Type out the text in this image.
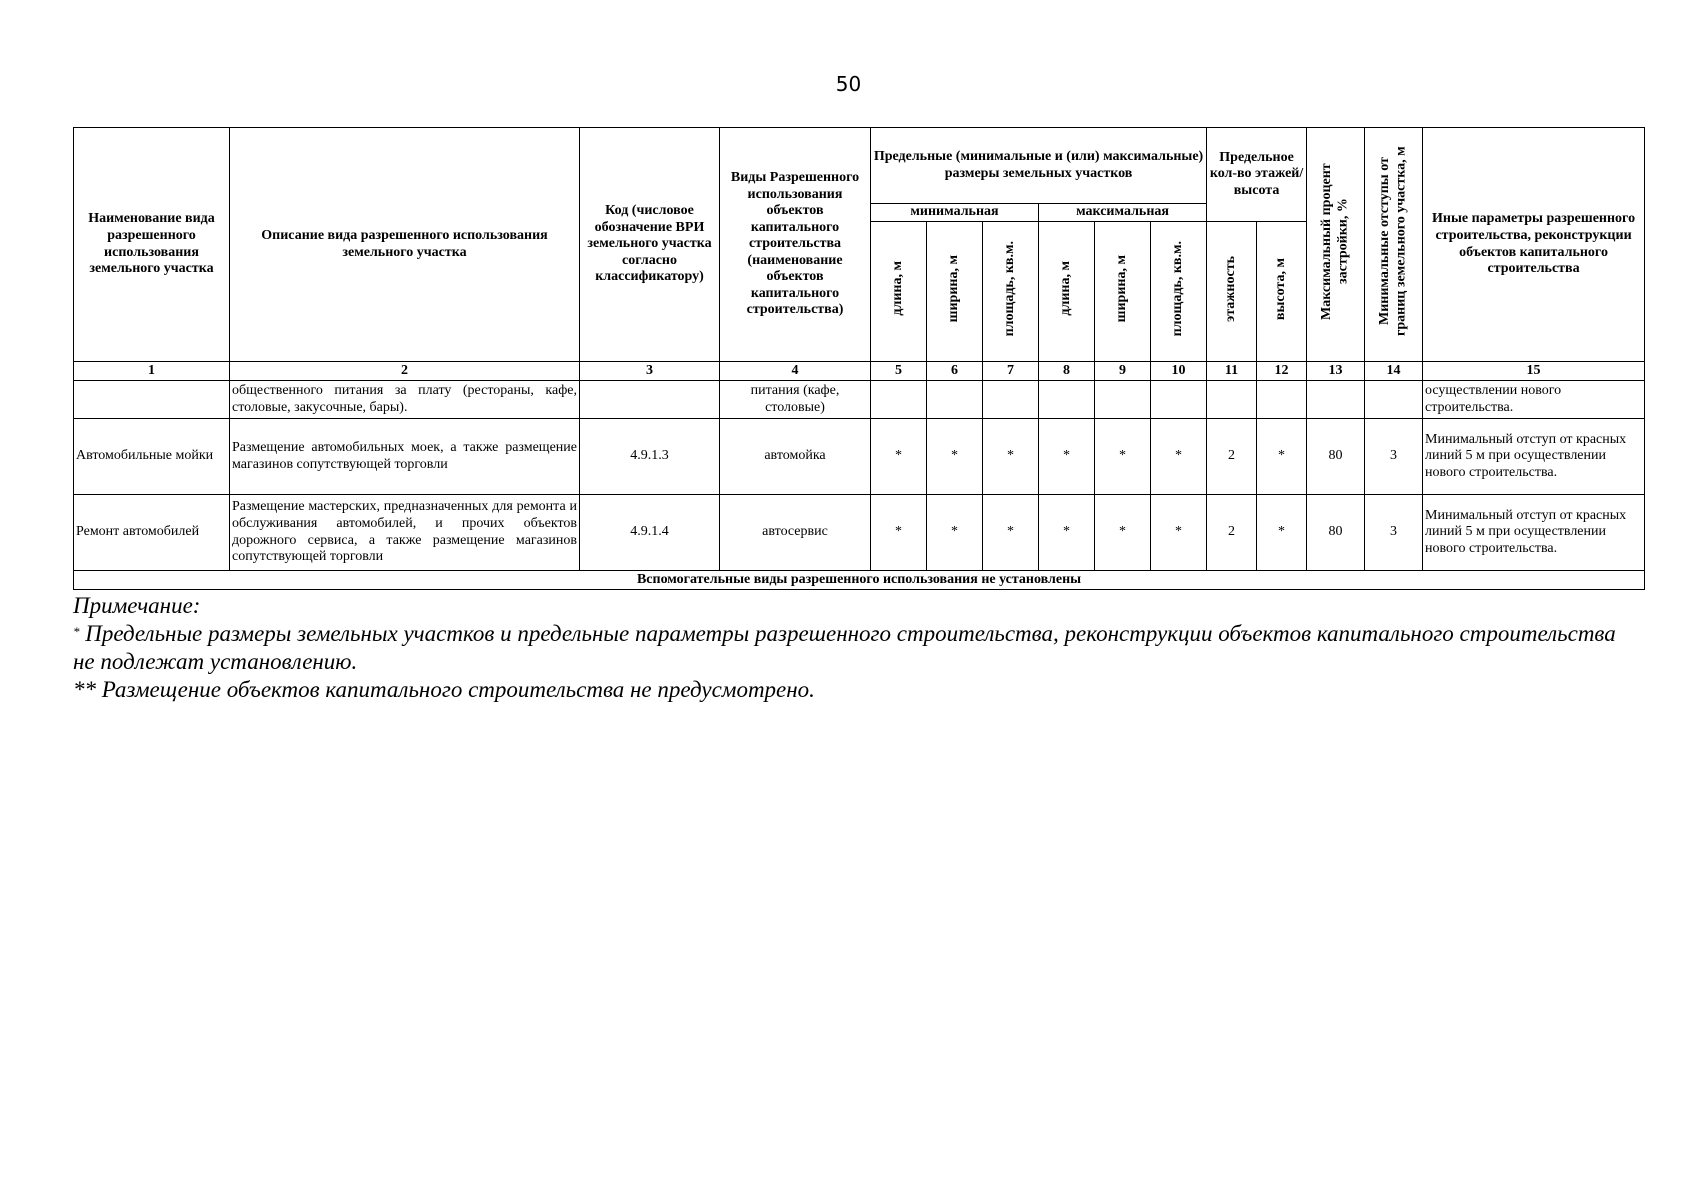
50
Наименование вида разрешенного использования земельного участка	Описание вида разрешенного использования земельного участка	Код (числовое обозначение ВРИ земельного участка согласно классификатору)	Виды Разрешенного использования объектов капитального строительства (наименование объектов капитального строительства)	Предельные (минимальные и (или) максимальные) размеры земельных участков						Предельное кол-во этажей/ высота		Максимальный процент застройки, %	Минимальные отступы от границ земельного участка, м	Иные параметры разрешенного строительства, реконструкции объектов капитального строительства
				минимальная			максимальная							
				длина, м	ширина, м	площадь, кв.м.	длина, м	ширина, м	площадь, кв.м.	этажность	высота, м			
1	2	3	4	5	6	7	8	9	10	11	12	13	14	15
	общественного питания за плату (рестораны, кафе, столовые, закусочные, бары).		питания (кафе, столовые)											осуществлении нового строительства.
Автомобильные мойки	Размещение автомобильных моек, а также размещение магазинов сопутствующей торговли	4.9.1.3	автомойка	*	*	*	*	*	*	2	*	80	3	Минимальный отступ от красных линий 5 м при осуществлении нового строительства.
Ремонт автомобилей	Размещение мастерских, предназначенных для ремонта и обслуживания автомобилей, и прочих объектов дорожного сервиса, а также размещение магазинов сопутствующей торговли	4.9.1.4	автосервис	*	*	*	*	*	*	2	*	80	3	Минимальный отступ от красных линий 5 м при осуществлении нового строительства.
Вспомогательные виды разрешенного использования не установлены														

Примечание:

* Предельные размеры земельных участков и предельные параметры разрешенного строительства, реконструкции объектов капитального строительства не подлежат установлению.

** Размещение объектов капитального строительства не предусмотрено.
